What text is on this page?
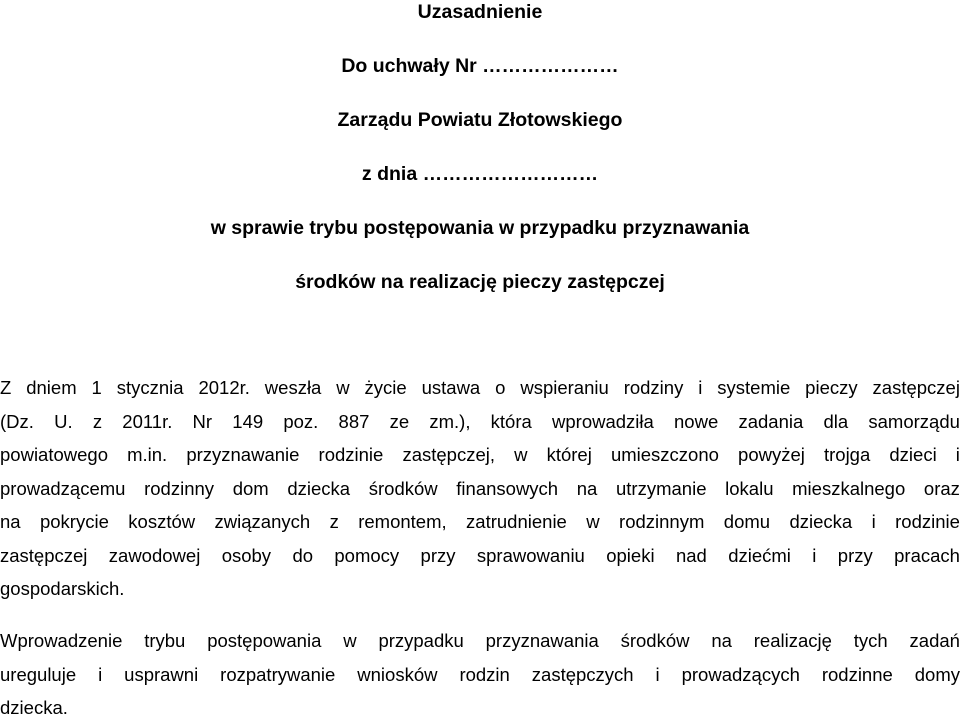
Uzasadnienie
Do uchwały Nr …………………
Zarządu Powiatu Złotowskiego
z dnia ………………………
w sprawie trybu postępowania w przypadku przyznawania
środków na realizację pieczy zastępczej
Z dniem 1 stycznia 2012r. weszła w życie ustawa o wspieraniu rodziny i systemie pieczy zastępczej
(Dz. U. z 2011r. Nr 149 poz. 887 ze zm.), która wprowadziła nowe zadania dla samorządu
powiatowego m.in. przyznawanie rodzinie zastępczej, w której umieszczono powyżej trojga dzieci i
prowadzącemu rodzinny dom dziecka środków finansowych na utrzymanie lokalu mieszkalnego oraz
na pokrycie kosztów związanych z remontem, zatrudnienie w rodzinnym domu dziecka i rodzinie
zastępczej zawodowej osoby do pomocy przy sprawowaniu opieki nad dziećmi i przy pracach
gospodarskich.
Wprowadzenie trybu postępowania w przypadku przyznawania środków na realizację tych zadań
ureguluje i usprawni rozpatrywanie wniosków rodzin zastępczych i prowadzących rodzinne domy
dziecka.
